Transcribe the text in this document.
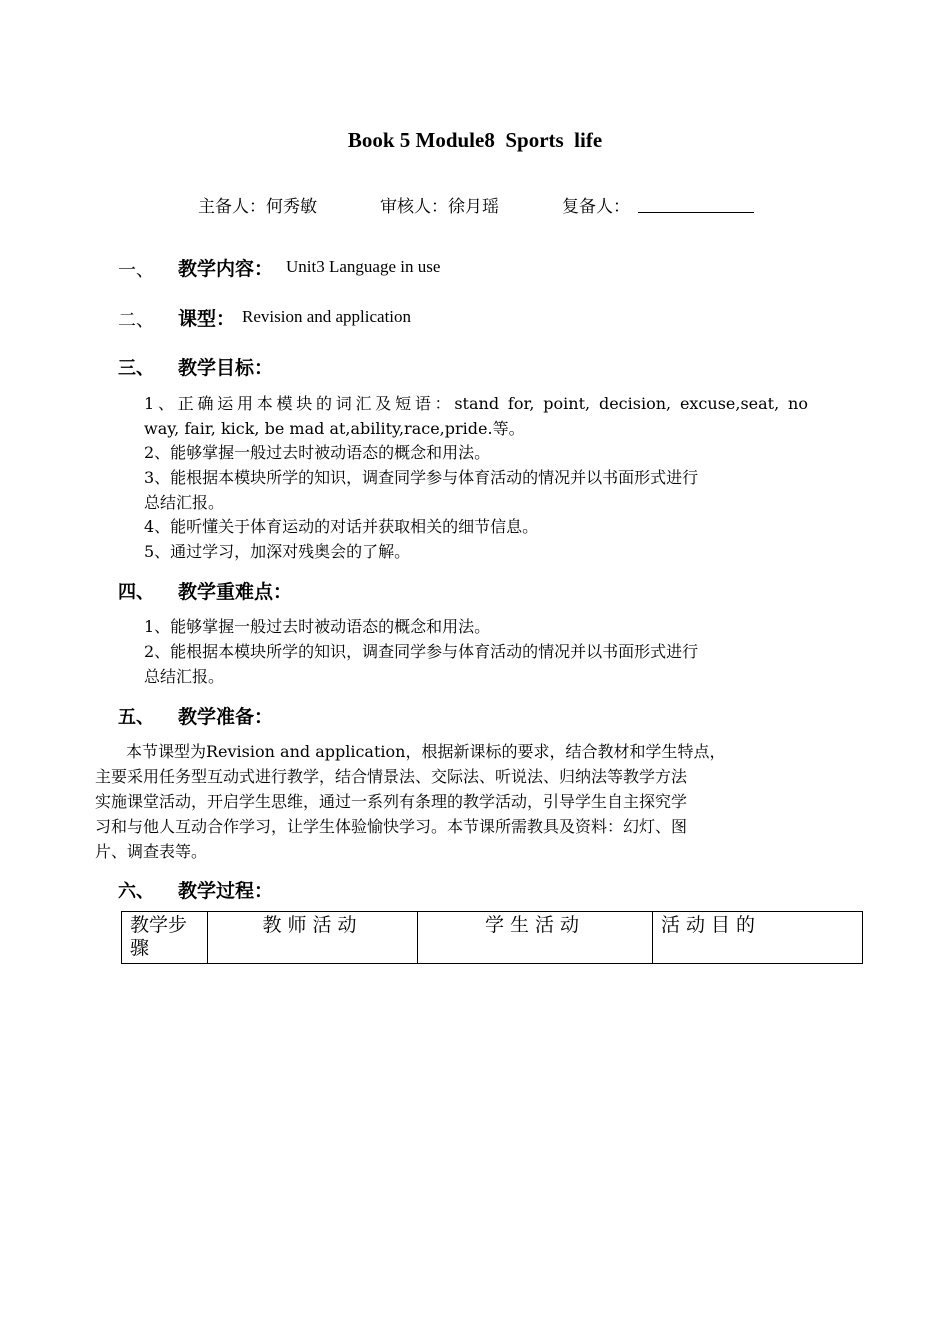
Book 5 Module8  Sports  life
主备人：何秀敏	审核人：徐月瑶	复备人：
一、 教学内容： Unit3 Language in use
二、 课型： Revision and application
三、 教学目标：
1、正确运用本模块的词汇及短语：stand for, point, decision, excuse,seat, no
way, fair, kick, be mad at,ability,race,pride.等。
2、能够掌握一般过去时被动语态的概念和用法。
3、能根据本模块所学的知识，调查同学参与体育活动的情况并以书面形式进行
总结汇报。
4、能听懂关于体育运动的对话并获取相关的细节信息。
5、通过学习，加深对残奥会的了解。
四、 教学重难点：
1、能够掌握一般过去时被动语态的概念和用法。
2、能根据本模块所学的知识，调查同学参与体育活动的情况并以书面形式进行
总结汇报。
五、 教学准备：
本节课型为Revision and application，根据新课标的要求，结合教材和学生特点，
主要采用任务型互动式进行教学，结合情景法、交际法、听说法、归纳法等教学方法
实施课堂活动，开启学生思维，通过一系列有条理的教学活动，引导学生自主探究学
习和与他人互动合作学习，让学生体验愉快学习。本节课所需教具及资料：幻灯、图
片、调查表等。
六、 教学过程：
教学步
骤
	教师活动	学生活动	活动目的
